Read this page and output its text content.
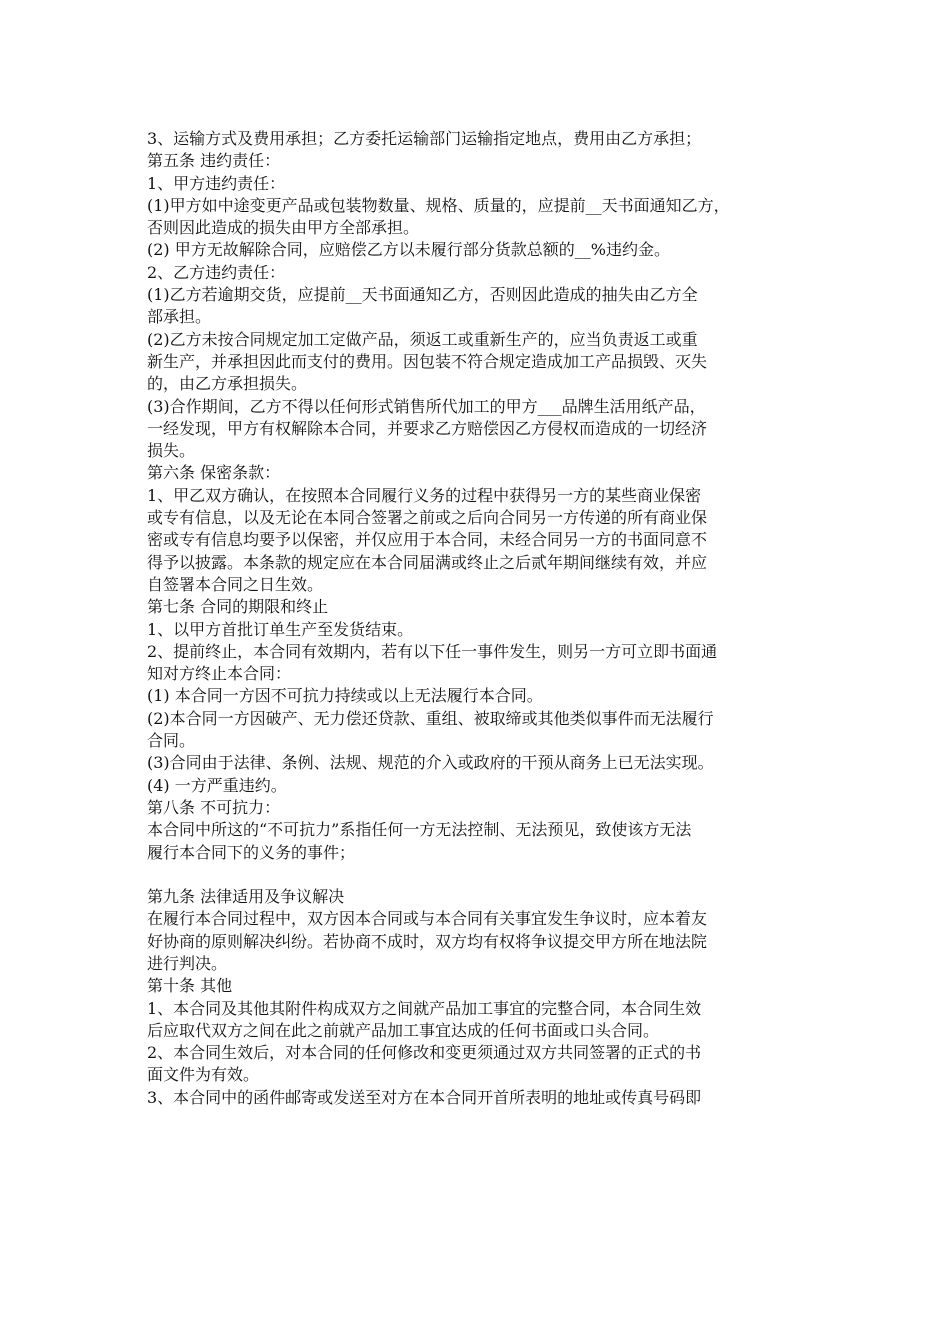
3、运输方式及费用承担；乙方委托运输部门运输指定地点，费用由乙方承担；
第五条 违约责任：
1、甲方违约责任：
(1)甲方如中途变更产品或包装物数量、规格、质量的，应提前__天书面通知乙方，
否则因此造成的损失由甲方全部承担。
(2) 甲方无故解除合同，应赔偿乙方以未履行部分货款总额的__%违约金。
2、乙方违约责任：
(1)乙方若逾期交货，应提前__天书面通知乙方，否则因此造成的抽失由乙方全
部承担。
(2)乙方未按合同规定加工定做产品，须返工或重新生产的，应当负责返工或重
新生产，并承担因此而支付的费用。因包装不符合规定造成加工产品损毁、灭失
的，由乙方承担损失。
(3)合作期间，乙方不得以任何形式销售所代加工的甲方___品牌生活用纸产品，
一经发现，甲方有权解除本合同，并要求乙方赔偿因乙方侵权而造成的一切经济
损失。
第六条 保密条款：
1、甲乙双方确认，在按照本合同履行义务的过程中获得另一方的某些商业保密
或专有信息，以及无论在本同合签署之前或之后向合同另一方传递的所有商业保
密或专有信息均要予以保密，并仅应用于本合同，未经合同另一方的书面同意不
得予以披露。本条款的规定应在本合同届满或终止之后贰年期间继续有效，并应
自签署本合同之日生效。
第七条 合同的期限和终止
1、以甲方首批订单生产至发货结束。
2、提前终止，本合同有效期内，若有以下任一事件发生，则另一方可立即书面通
知对方终止本合同：
(1) 本合同一方因不可抗力持续或以上无法履行本合同。
(2)本合同一方因破产、无力偿还贷款、重组、被取缔或其他类似事件而无法履行
合同。
(3)合同由于法律、条例、法规、规范的介入或政府的干预从商务上已无法实现。
(4) 一方严重违约。
第八条 不可抗力：
本合同中所这的“不可抗力”系指任何一方无法控制、无法预见，致使该方无法
履行本合同下的义务的事件；
第九条 法律适用及争议解决
在履行本合同过程中，双方因本合同或与本合同有关事宜发生争议时，应本着友
好协商的原则解决纠纷。若协商不成时，双方均有权将争议提交甲方所在地法院
进行判决。
第十条 其他
1、本合同及其他其附件构成双方之间就产品加工事宜的完整合同，本合同生效
后应取代双方之间在此之前就产品加工事宜达成的任何书面或口头合同。
2、本合同生效后，对本合同的任何修改和变更须通过双方共同签署的正式的书
面文件为有效。
3、本合同中的函件邮寄或发送至对方在本合同开首所表明的地址或传真号码即
